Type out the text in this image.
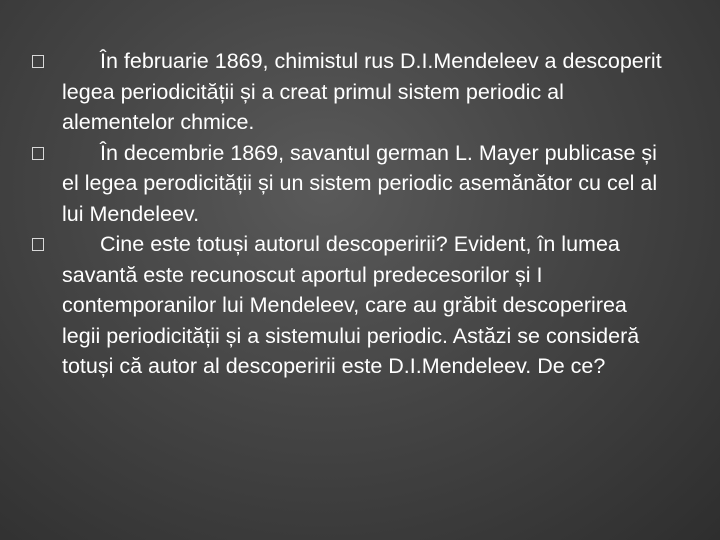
În februarie 1869, chimistul rus D.I.Mendeleev a descoperit legea periodicității și a creat primul sistem periodic al alementelor chmice.
În decembrie 1869, savantul german L. Mayer publicase și el legea perodicității și un sistem periodic asemănător cu cel al lui Mendeleev.
Cine este totuși autorul descoperirii? Evident, în lumea savantă este recunoscut aportul predecesorilor și I contemporanilor lui Mendeleev, care au grăbit descoperirea legii periodicității și a sistemului periodic. Astăzi se consideră totuși că autor al descoperirii este D.I.Mendeleev. De ce?
